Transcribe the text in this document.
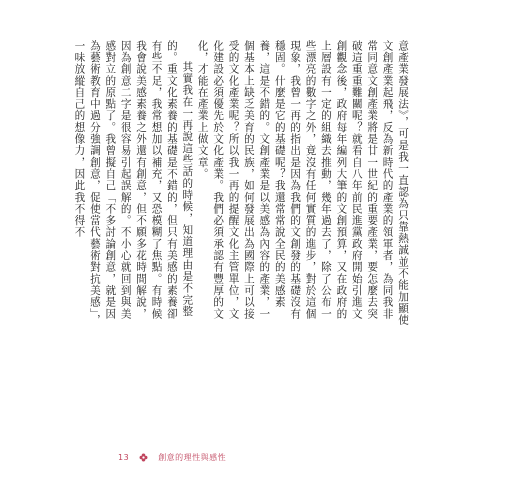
意產業發展法》，可是我一直認為只靠熱誠並不能加顯使文創產業起飛，反為新時代的產業的領軍者，為同我非常同意文創產業將是廿一世紀的重要產業，要怎麼去突破這重重難關呢？就看自八年前民進黨政府開始引進文創觀念後，政府每年編列大筆的文創預算，又在政府的上層設有一定的組織去推動，幾年過去了，除了公布一些漂亮的數字之外，竟沒有任何實質的進步，對於這個現象，我曾一再的指出是因為我們的文創發的基礎沒有穩固。什麼是它的基礎呢？我還常常說全民的美感素養，這是不錯的。文創產業是以美感為內容的產業，一個基本上缺乏美育的民族，如何發展出為國際上可以接受的文化產業呢？所以我一再的提醒文化主管單位，文化建設必須優先於文化產業。我們必須承認有豐厚的文化，才能在產業上做文章。

其實我在一再說這些話的時候，知道理由是不完整的。重文化素養的基礎是不錯的，但只有美感的素養卻有些不足，我常想加以補充，又恐模糊了焦點。有時候我會說美感素養之外還有創意，但不願多花時間解說，因為創意二字是很容易引起誤解的。不小心就回到與美感對立的原點了。我曾擬自己「不多討論創意，就是因為藝術教育中過分強調創意，促使當代藝術對抗美感」，一味放縱自己的想像力，因此我不得不

13	創意的理性與感性
